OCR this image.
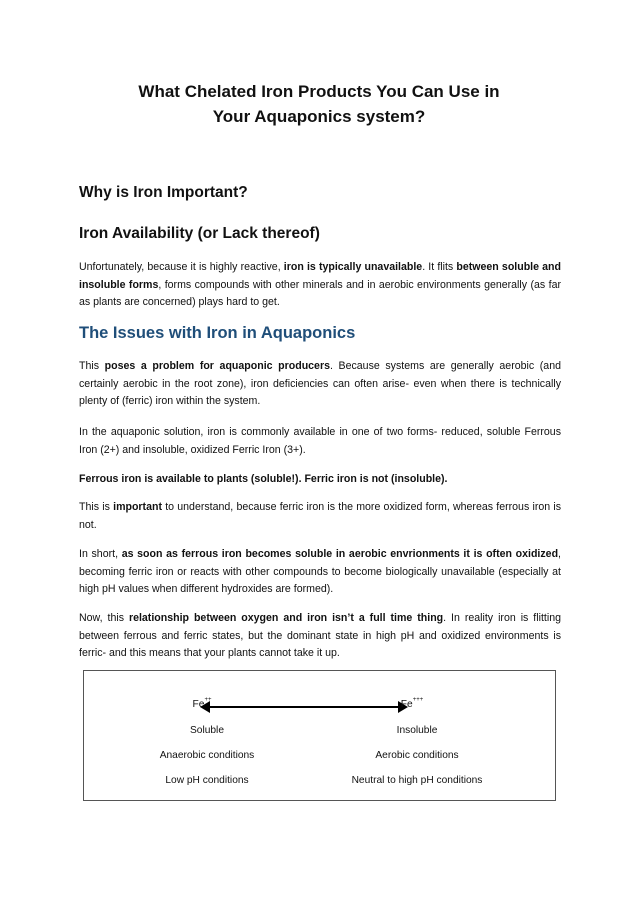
What Chelated Iron Products You Can Use in
Your Aquaponics system?
Why is Iron Important?
Iron Availability (or Lack thereof)
Unfortunately, because it is highly reactive, iron is typically unavailable. It flits between soluble and insoluble forms, forms compounds with other minerals and in aerobic environments generally (as far as plants are concerned) plays hard to get.
The Issues with Iron in Aquaponics
This poses a problem for aquaponic producers. Because systems are generally aerobic (and certainly aerobic in the root zone), iron deficiencies can often arise- even when there is technically plenty of (ferric) iron within the system.
In the aquaponic solution, iron is commonly available in one of two forms- reduced, soluble Ferrous Iron (2+) and insoluble, oxidized Ferric Iron (3+).
Ferrous iron is available to plants (soluble!). Ferric iron is not (insoluble).
This is important to understand, because ferric iron is the more oxidized form, whereas ferrous iron is not.
In short, as soon as ferrous iron becomes soluble in aerobic envrionments it is often oxidized, becoming ferric iron or reacts with other compounds to become biologically unavailable (especially at high pH values when different hydroxides are formed).
Now, this relationship between oxygen and iron isn’t a full time thing. In reality iron is flitting between ferrous and ferric states, but the dominant state in high pH and oxidized environments is ferric- and this means that your plants cannot take it up.
Fe++	Fe+++
Soluble	Insoluble
Anaerobic conditions	Aerobic conditions
Low pH conditions	Neutral to high pH conditions
